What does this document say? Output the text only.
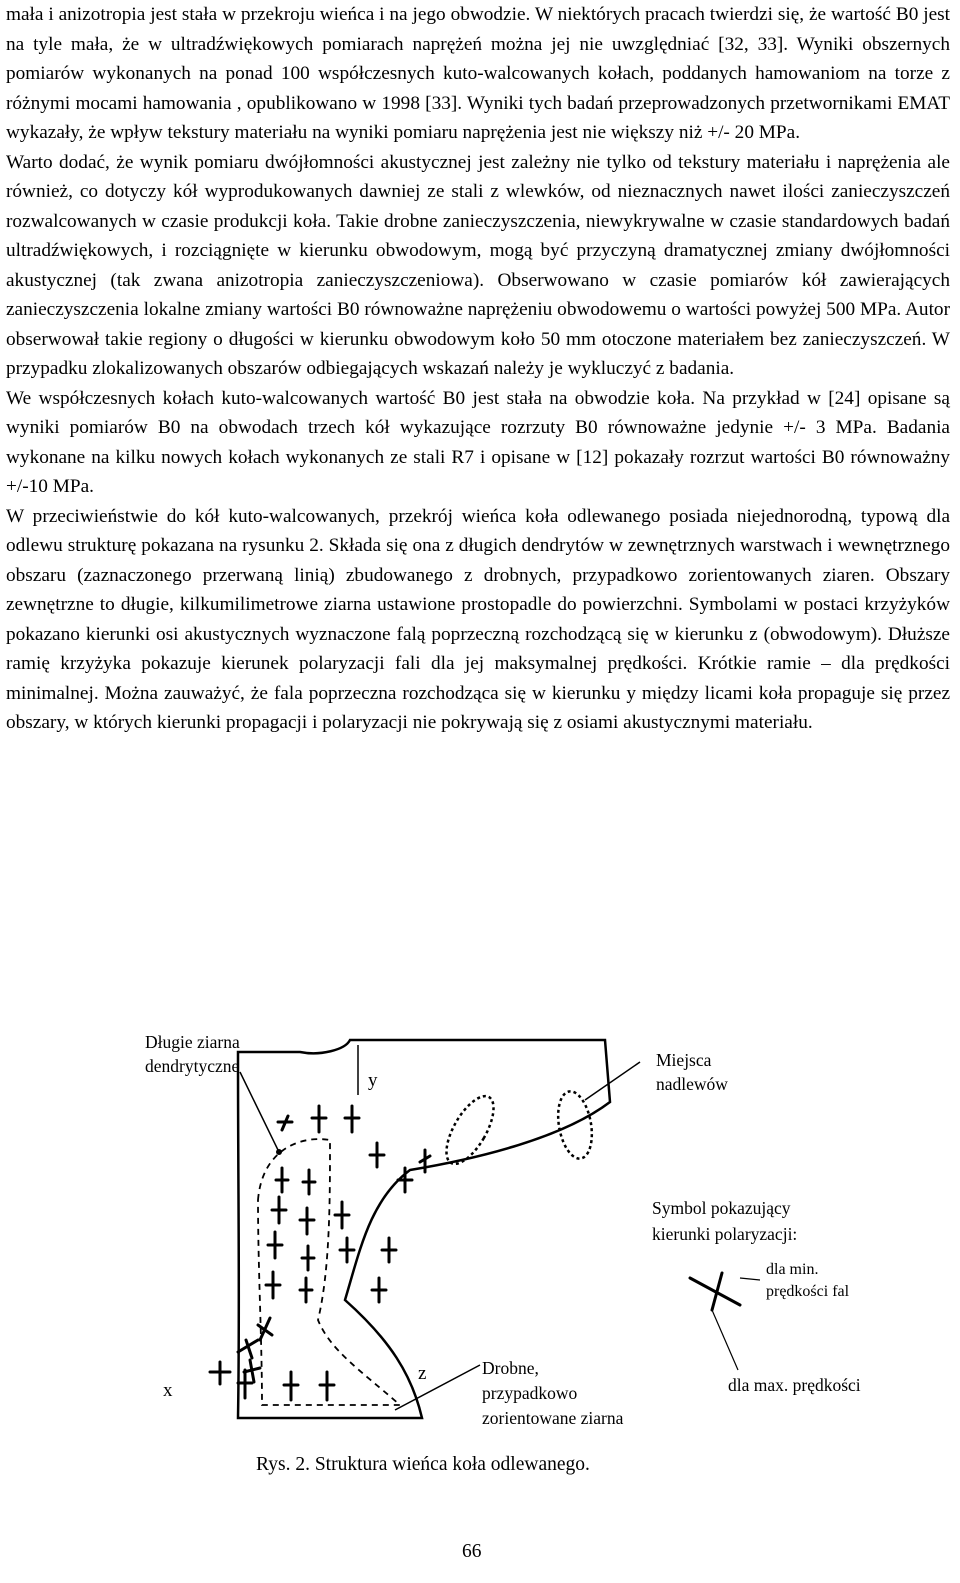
mała i anizotropia jest stała w przekroju wieńca i na jego obwodzie. W niektórych pracach twierdzi się, że wartość B0 jest na tyle mała, że w ultradźwiękowych pomiarach naprężeń można jej nie uwzględniać [32, 33]. Wyniki obszernych pomiarów wykonanych na ponad 100 współczesnych kuto-walcowanych kołach, poddanych hamowaniom na torze z różnymi mocami hamowania , opublikowano w 1998 [33]. Wyniki tych badań przeprowadzonych przetwornikami EMAT wykazały, że wpływ tekstury materiału na wyniki pomiaru naprężenia jest nie większy niż +/- 20 MPa.

Warto dodać, że wynik pomiaru dwójłomności akustycznej jest zależny nie tylko od tekstury materiału i naprężenia ale również, co dotyczy kół wyprodukowanych dawniej ze stali z wlewków, od nieznacznych nawet ilości zanieczyszczeń rozwalcowanych w czasie produkcji koła. Takie drobne zanieczyszczenia, niewykrywalne w czasie standardowych badań ultradźwiękowych, i rozciągnięte w kierunku obwodowym, mogą być przyczyną dramatycznej zmiany dwójłomności akustycznej (tak zwana anizotropia zanieczyszczeniowa). Obserwowano w czasie pomiarów kół zawierających zanieczyszczenia lokalne zmiany wartości B0 równoważne naprężeniu obwodowemu o wartości powyżej 500 MPa. Autor obserwował takie regiony o długości w kierunku obwodowym koło 50 mm otoczone materiałem bez zanieczyszczeń. W przypadku zlokalizowanych obszarów odbiegających wskazań należy je wykluczyć z badania.

We współczesnych kołach kuto-walcowanych wartość B0 jest stała na obwodzie koła. Na przykład w [24] opisane są wyniki pomiarów B0 na obwodach trzech kół wykazujące rozrzuty B0 równoważne jedynie +/- 3 MPa. Badania wykonane na kilku nowych kołach wykonanych ze stali R7 i opisane w [12] pokazały rozrzut wartości B0 równoważny +/-10 MPa.

W przeciwieństwie do kół kuto-walcowanych, przekrój wieńca koła odlewanego posiada niejednorodną, typową dla odlewu strukturę pokazana na rysunku 2. Składa się ona z długich dendrytów w zewnętrznych warstwach i wewnętrznego obszaru (zaznaczonego przerwaną linią) zbudowanego z drobnych, przypadkowo zorientowanych ziaren. Obszary zewnętrzne to długie, kilkumilimetrowe ziarna ustawione prostopadle do powierzchni. Symbolami w postaci krzyżyków pokazano kierunki osi akustycznych wyznaczone falą poprzeczną rozchodzącą się w kierunku z (obwodowym). Dłuższe ramię krzyżyka pokazuje kierunek polaryzacji fali dla jej maksymalnej prędkości. Krótkie ramie – dla prędkości minimalnej. Można zauważyć, że fala poprzeczna rozchodząca się w kierunku y między licami koła propaguje się przez obszary, w których kierunki propagacji i polaryzacji nie pokrywają się z osiami akustycznymi materiału.

Długie ziarna
dendrytyczne
y
Miejsca
nadlewów
Symbol pokazujący
kierunki polaryzacji:
dla min.
prędkości fal
dla max. prędkości
x
z	Drobne,
przypadkowo
zorientowane ziarna
Rys. 2. Struktura wieńca koła odlewanego.
66
